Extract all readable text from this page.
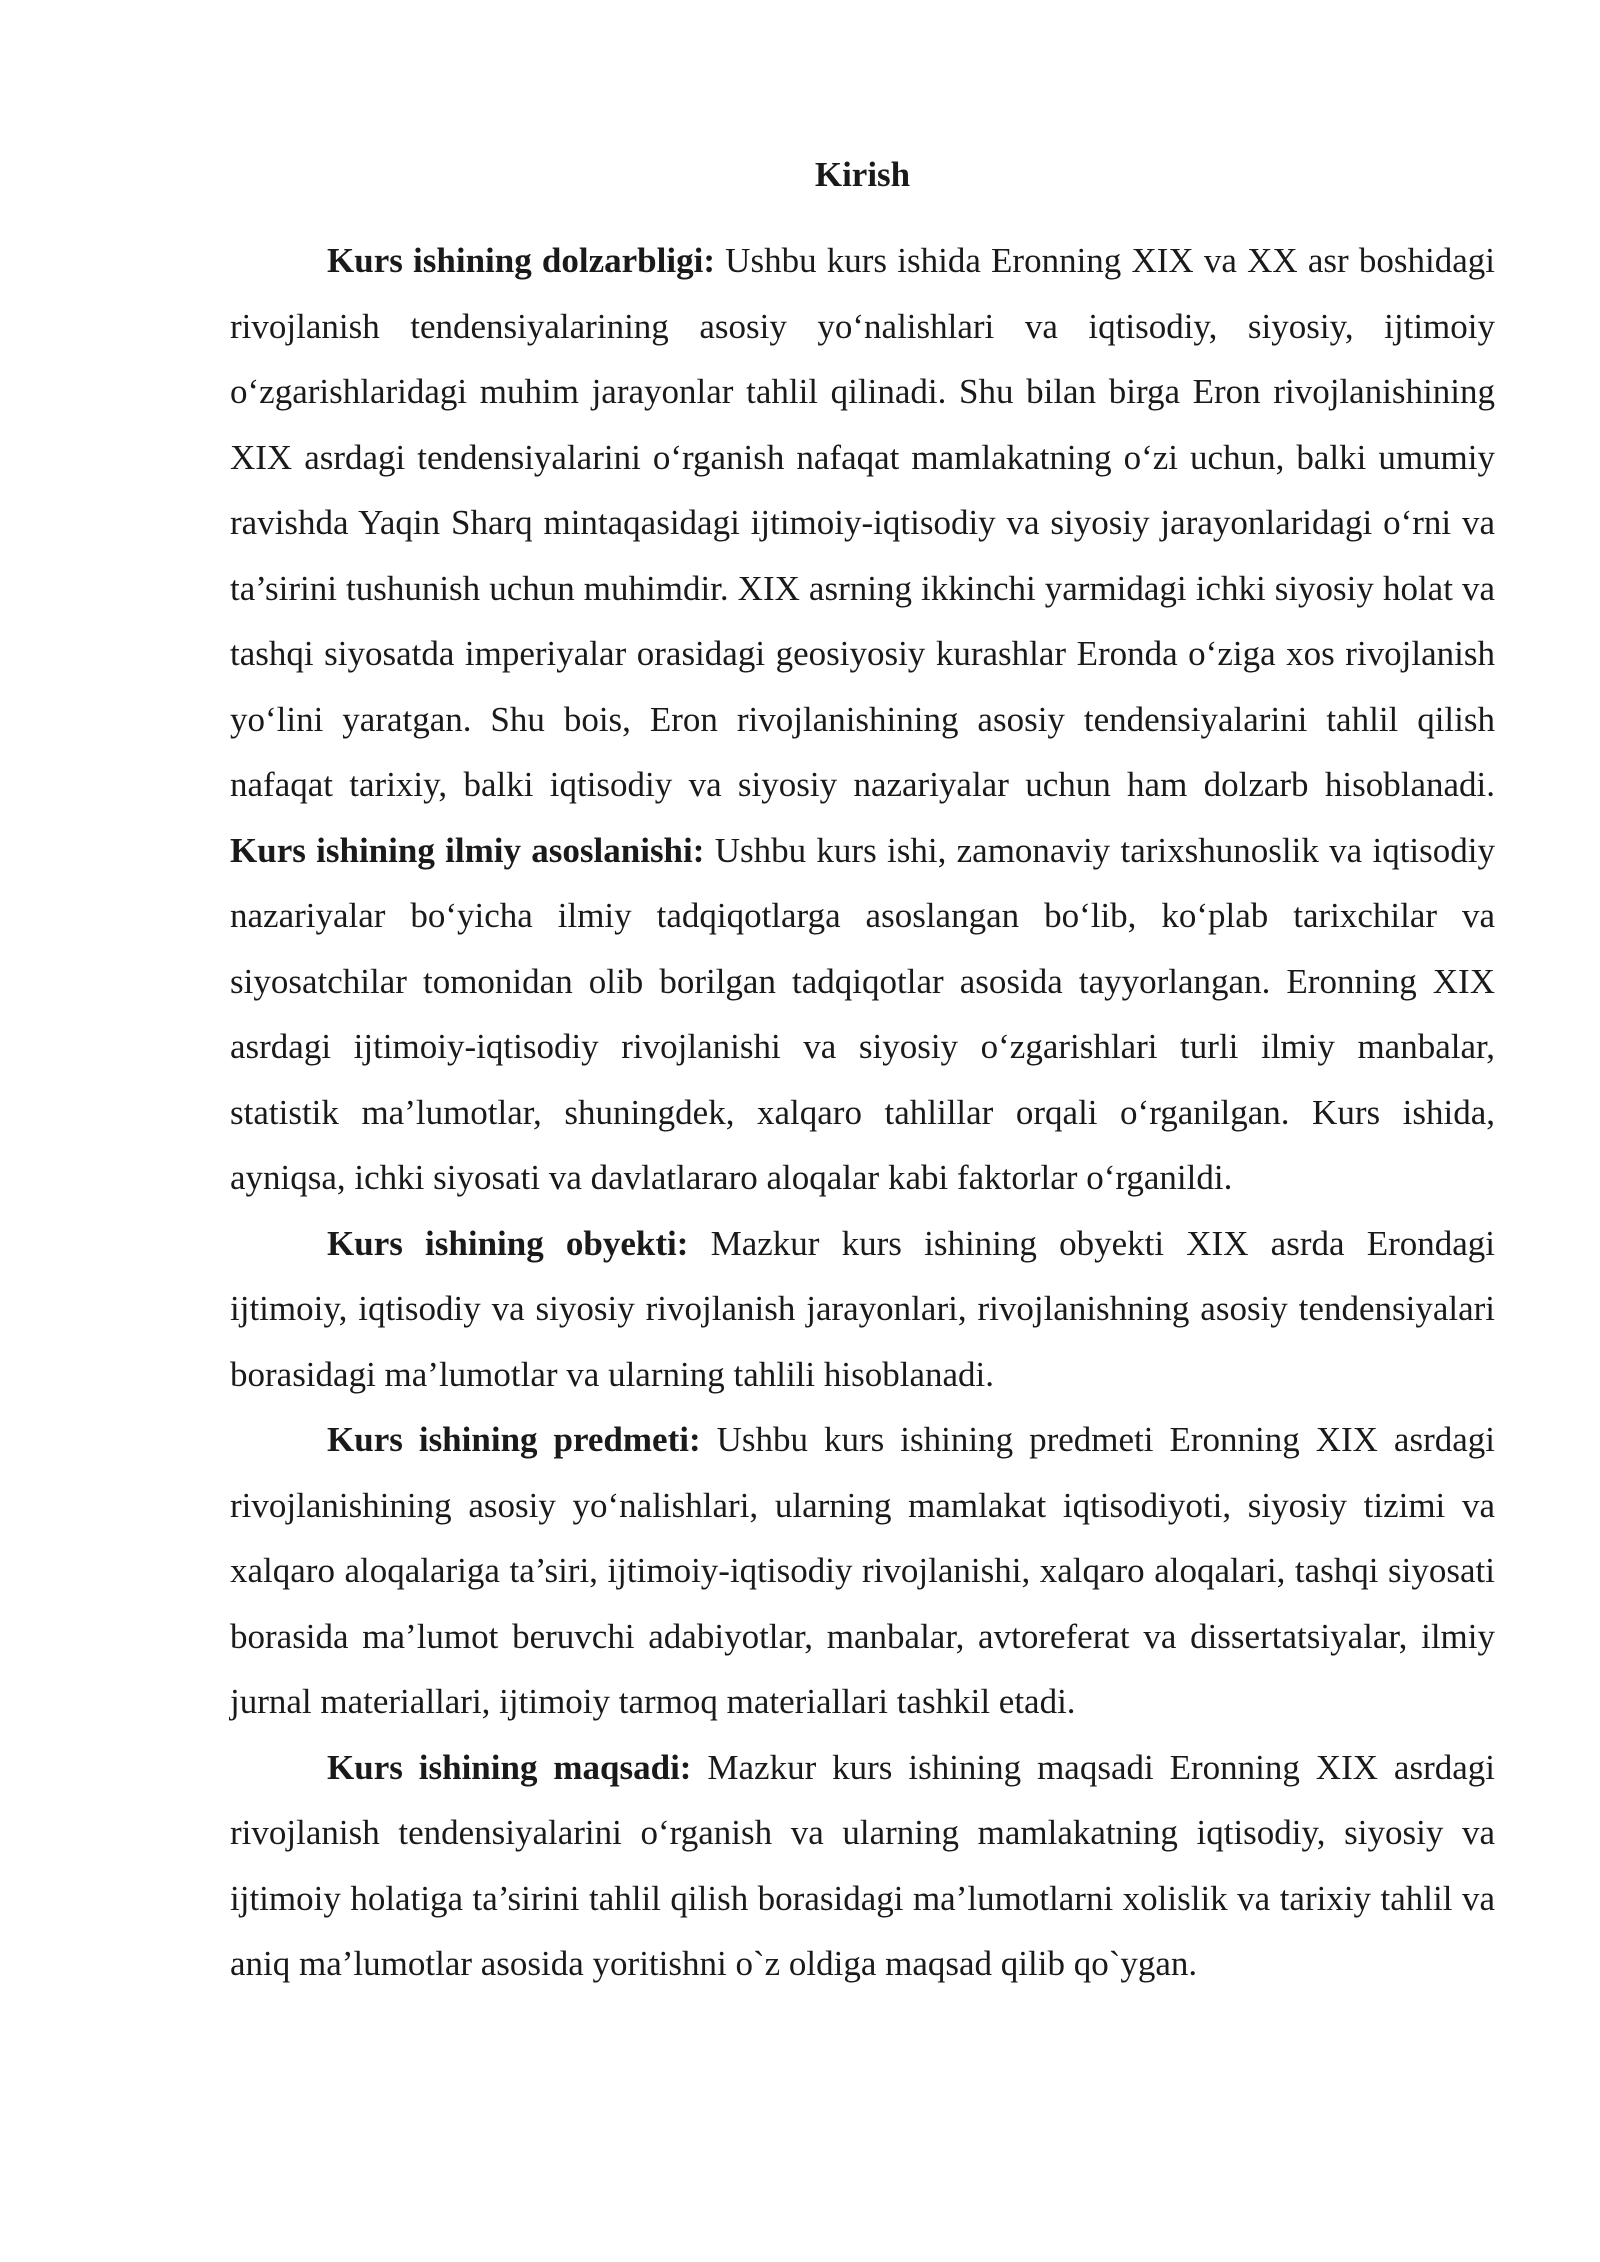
Kirish

Kurs ishining dolzarbligi: Ushbu kurs ishida Eronning XIX va XX asr boshidagi rivojlanish tendensiyalarining asosiy yo‘nalishlari va iqtisodiy, siyosiy, ijtimoiy o‘zgarishlaridagi muhim jarayonlar tahlil qilinadi. Shu bilan birga Eron rivojlanishining XIX asrdagi tendensiyalarini o‘rganish nafaqat mamlakatning o‘zi uchun, balki umumiy ravishda Yaqin Sharq mintaqasidagi ijtimoiy-iqtisodiy va siyosiy jarayonlaridagi o‘rni va ta’sirini tushunish uchun muhimdir. XIX asrning ikkinchi yarmidagi ichki siyosiy holat va tashqi siyosatda imperiyalar orasidagi geosiyosiy kurashlar Eronda o‘ziga xos rivojlanish yo‘lini yaratgan. Shu bois, Eron rivojlanishining asosiy tendensiyalarini tahlil qilish nafaqat tarixiy, balki iqtisodiy va siyosiy nazariyalar uchun ham dolzarb hisoblanadi. Kurs ishining ilmiy asoslanishi: Ushbu kurs ishi, zamonaviy tarixshunoslik va iqtisodiy nazariyalar bo‘yicha ilmiy tadqiqotlarga asoslangan bo‘lib, ko‘plab tarixchilar va siyosatchilar tomonidan olib borilgan tadqiqotlar asosida tayyorlangan. Eronning XIX asrdagi ijtimoiy-iqtisodiy rivojlanishi va siyosiy o‘zgarishlari turli ilmiy manbalar, statistik ma’lumotlar, shuningdek, xalqaro tahlillar orqali o‘rganilgan. Kurs ishida, ayniqsa, ichki siyosati va davlatlararo aloqalar kabi faktorlar o‘rganildi.

Kurs ishining obyekti: Mazkur kurs ishining obyekti XIX asrda Erondagi ijtimoiy, iqtisodiy va siyosiy rivojlanish jarayonlari, rivojlanishning asosiy tendensiyalari borasidagi ma’lumotlar va ularning tahlili hisoblanadi.

Kurs ishining predmeti: Ushbu kurs ishining predmeti Eronning XIX asrdagi rivojlanishining asosiy yo‘nalishlari, ularning mamlakat iqtisodiyoti, siyosiy tizimi va xalqaro aloqalariga ta’siri, ijtimoiy-iqtisodiy rivojlanishi, xalqaro aloqalari, tashqi siyosati borasida ma’lumot beruvchi adabiyotlar, manbalar, avtoreferat va dissertatsiyalar, ilmiy jurnal materiallari, ijtimoiy tarmoq materiallari tashkil etadi.

Kurs ishining maqsadi: Mazkur kurs ishining maqsadi Eronning XIX asrdagi rivojlanish tendensiyalarini o‘rganish va ularning mamlakatning iqtisodiy, siyosiy va ijtimoiy holatiga ta’sirini tahlil qilish borasidagi ma’lumotlarni xolislik va tarixiy tahlil va aniq ma’lumotlar asosida yoritishni o`z oldiga maqsad qilib qo`ygan.
